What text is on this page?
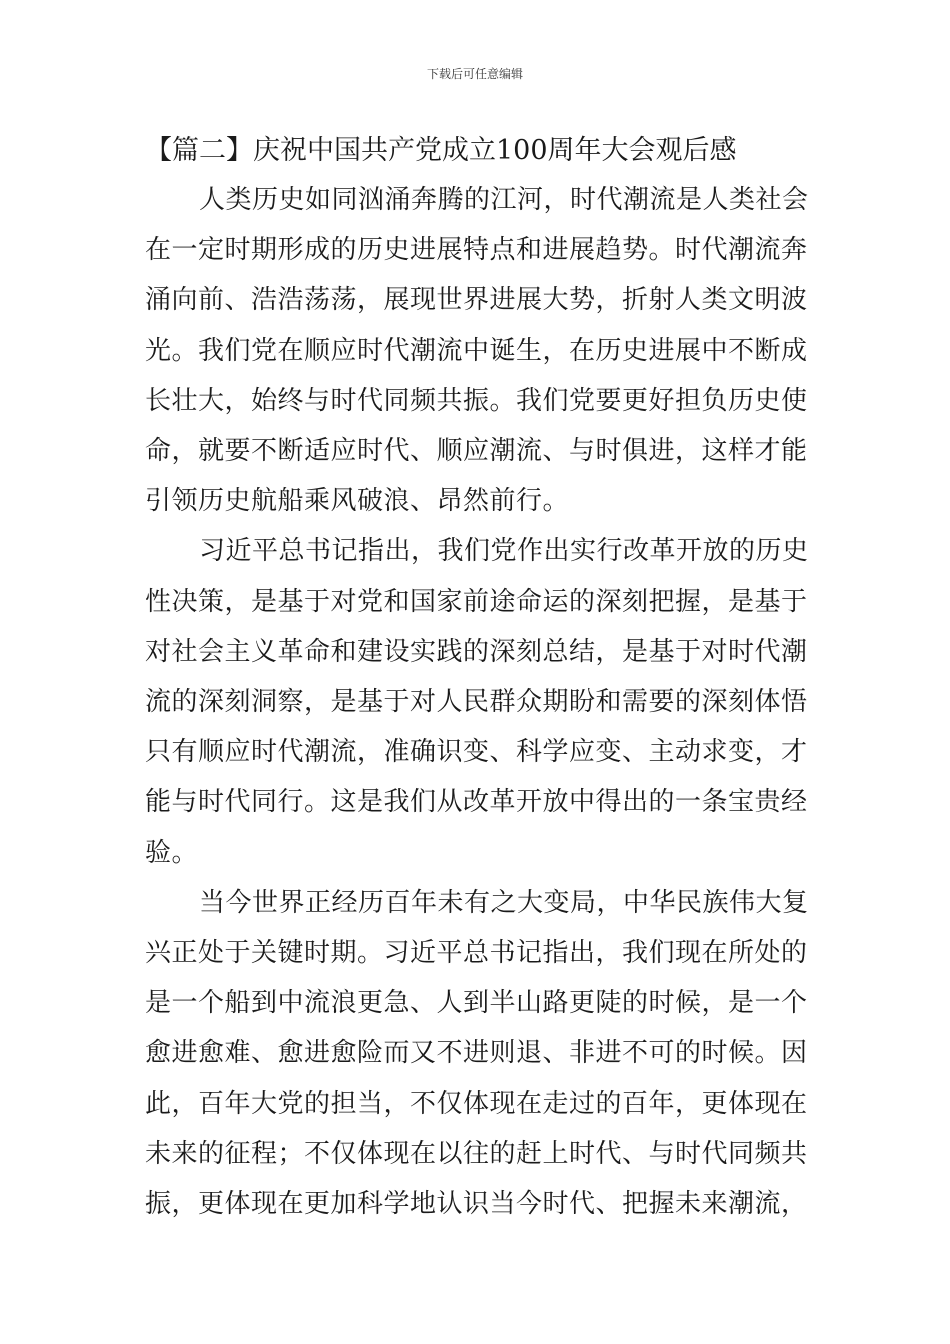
下载后可任意编辑
【篇二】庆祝中国共产党成立100周年大会观后感
人类历史如同汹涌奔腾的江河，时代潮流是人类社会
在一定时期形成的历史进展特点和进展趋势。时代潮流奔
涌向前、浩浩荡荡，展现世界进展大势，折射人类文明波
光。我们党在顺应时代潮流中诞生，在历史进展中不断成
长壮大，始终与时代同频共振。我们党要更好担负历史使
命，就要不断适应时代、顺应潮流、与时俱进，这样才能
引领历史航船乘风破浪、昂然前行。
习近平总书记指出，我们党作出实行改革开放的历史
性决策，是基于对党和国家前途命运的深刻把握，是基于
对社会主义革命和建设实践的深刻总结，是基于对时代潮
流的深刻洞察，是基于对人民群众期盼和需要的深刻体悟
只有顺应时代潮流，准确识变、科学应变、主动求变，才
能与时代同行。这是我们从改革开放中得出的一条宝贵经
验。
当今世界正经历百年未有之大变局，中华民族伟大复
兴正处于关键时期。习近平总书记指出，我们现在所处的
是一个船到中流浪更急、人到半山路更陡的时候，是一个
愈进愈难、愈进愈险而又不进则退、非进不可的时候。因
此，百年大党的担当，不仅体现在走过的百年，更体现在
未来的征程；不仅体现在以往的赶上时代、与时代同频共
振，更体现在更加科学地认识当今时代、把握未来潮流，
